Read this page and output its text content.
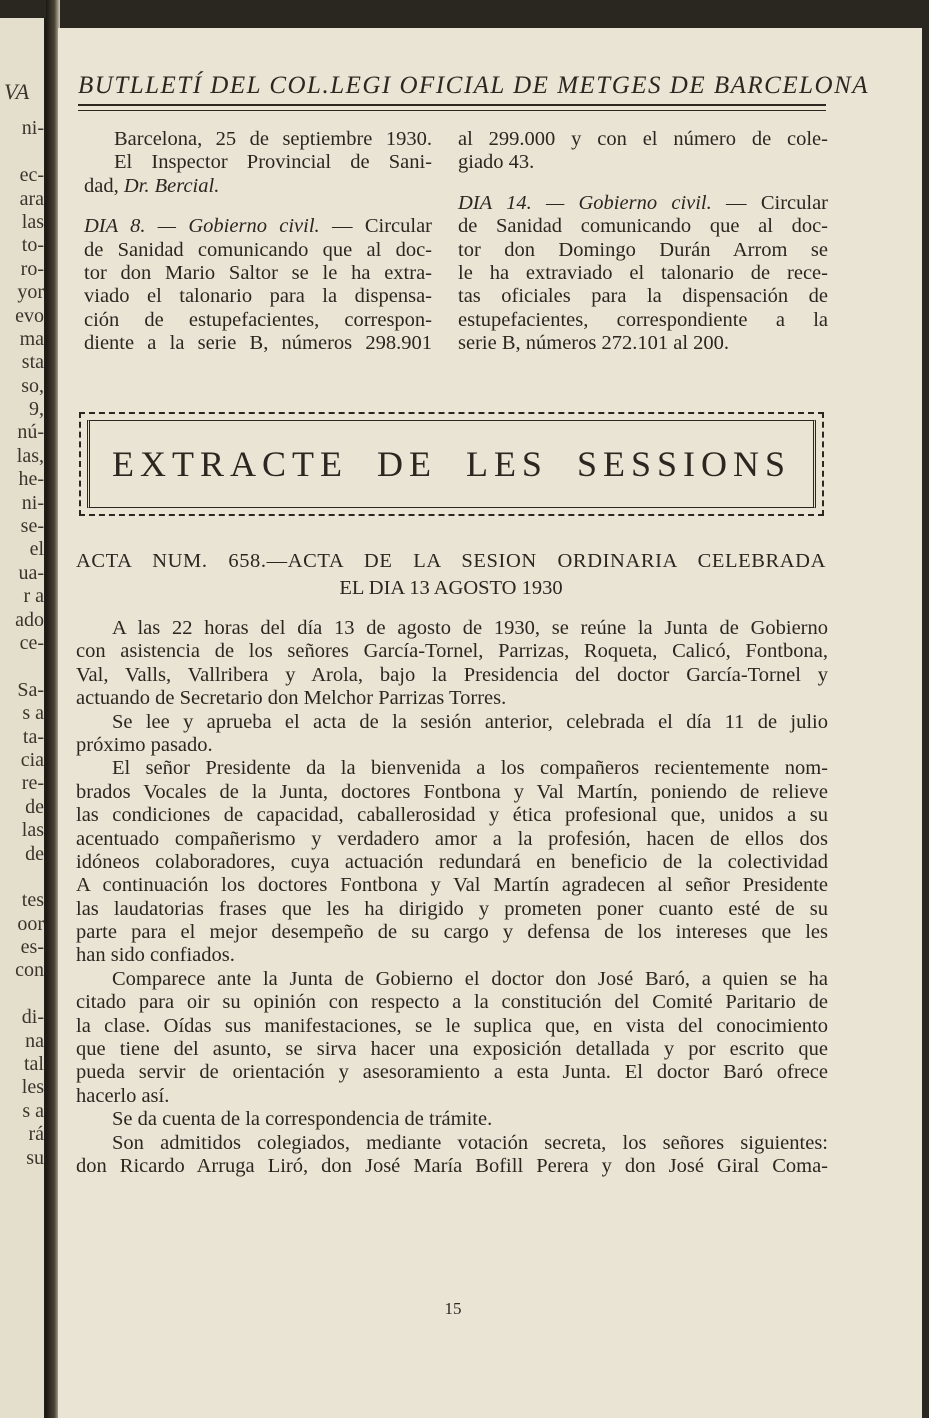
VA
ni-
ec-
ara
las
to-
ro-
yor
evo
ma
sta
so,
9,
nú-
las,
he-
ni-
se-
el
ua-
r a
ado
ce-
Sa-
s a
ta-
cia
re-
de
las
de
tes
oor
es-
con
di-
na
tal
les
s a
rá
su
BUTLLETÍ DEL COL.LEGI OFICIAL DE METGES DE BARCELONA
Barcelona, 25 de septiembre 1930.
El Inspector Provincial de Sani-
dad, Dr. Bercial.
DIA 8. — Gobierno civil. — Circular
de Sanidad comunicando que al doc-
tor don Mario Saltor se le ha extra-
viado el talonario para la dispensa-
ción de estupefacientes, correspon-
diente a la serie B, números 298.901
al 299.000 y con el número de cole-
giado 43.
DIA 14. — Gobierno civil. — Circular
de Sanidad comunicando que al doc-
tor don Domingo Durán Arrom se
le ha extraviado el talonario de rece-
tas oficiales para la dispensación de
estupefacientes, correspondiente a la
serie B, números 272.101 al 200.
EXTRACTE DE LES SESSIONS
ACTA NUM. 658.—ACTA DE LA SESION ORDINARIA CELEBRADA
EL DIA 13 AGOSTO 1930
A las 22 horas del día 13 de agosto de 1930, se reúne la Junta de Gobierno
con asistencia de los señores García-Tornel, Parrizas, Roqueta, Calicó, Fontbona,
Val, Valls, Vallribera y Arola, bajo la Presidencia del doctor García-Tornel y
actuando de Secretario don Melchor Parrizas Torres.
Se lee y aprueba el acta de la sesión anterior, celebrada el día 11 de julio
próximo pasado.
El señor Presidente da la bienvenida a los compañeros recientemente nom-
brados Vocales de la Junta, doctores Fontbona y Val Martín, poniendo de relieve
las condiciones de capacidad, caballerosidad y ética profesional que, unidos a su
acentuado compañerismo y verdadero amor a la profesión, hacen de ellos dos
idóneos colaboradores, cuya actuación redundará en beneficio de la colectividad
A continuación los doctores Fontbona y Val Martín agradecen al señor Presidente
las laudatorias frases que les ha dirigido y prometen poner cuanto esté de su
parte para el mejor desempeño de su cargo y defensa de los intereses que les
han sido confiados.
Comparece ante la Junta de Gobierno el doctor don José Baró, a quien se ha
citado para oir su opinión con respecto a la constitución del Comité Paritario de
la clase. Oídas sus manifestaciones, se le suplica que, en vista del conocimiento
que tiene del asunto, se sirva hacer una exposición detallada y por escrito que
pueda servir de orientación y asesoramiento a esta Junta. El doctor Baró ofrece
hacerlo así.
Se da cuenta de la correspondencia de trámite.
Son admitidos colegiados, mediante votación secreta, los señores siguientes:
don Ricardo Arruga Liró, don José María Bofill Perera y don José Giral Coma-
15
